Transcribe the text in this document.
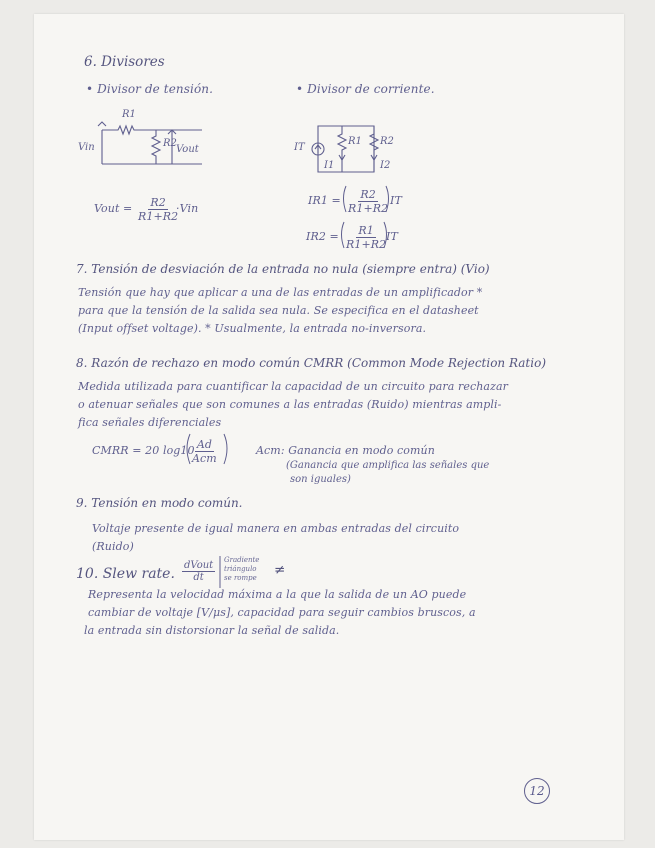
6. Divisores
• Divisor de tensión.	• Divisor de corriente.
R1
R2
Vin	Vout
Vout = $\frac{R2}{R1+R2}$
·Vin
IT
I1	I2
R1 R2
$IR1 = \frac{R2}{R1+R2}$ IT
$IR2 = \frac{R1}{R1+R2}$ IT
7. Tensión de desviación de la entrada no nula (siempre entra) (Vio)
Tensión que hay que aplicar a una de las entradas de un amplificador *
para que la tensión de la salida sea nula. Se especifica en el datasheet
(Input offset voltage). * Usualmente, la entrada no-inversora.
8. Razón de rechazo en modo común CMRR (Common Mode Rejection Ratio)
Medida utilizada para cuantificar la capacidad de un circuito para rechazar
o atenuar señales que son comunes a las entradas (Ruido) mientras ampli-
fica señales diferenciales
CMRR = 20 log10 Ad
Acm
Acm: Ganancia en modo común
(Ganancia que amplifica las señales que
son iguales)
9. Tensión en modo común.
Voltaje presente de igual manera en ambas entradas del circuito
(Ruido)
10. Slew rate.
dVout
dt
Gradiente
triángulo
se rompe ≠
Representa la velocidad máxima a la que la salida de un AO puede
cambiar de voltaje [V/μs], capacidad para seguir cambios bruscos, a
la entrada sin distorsionar la señal de salida.
12
